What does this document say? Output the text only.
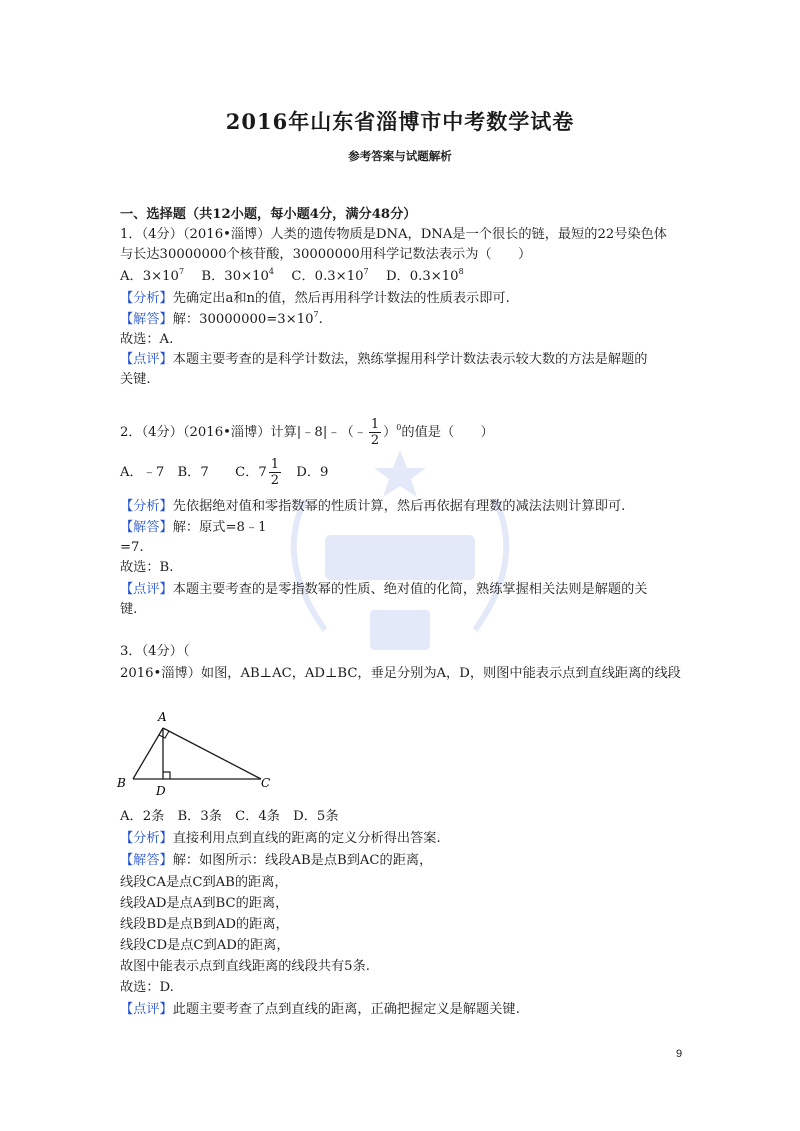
2016年山东省淄博市中考数学试卷
参考答案与试题解析
一、选择题（共12小题，每小题4分，满分48分）
1．（4分）（2016•淄博）人类的遗传物质是DNA，DNA是一个很长的链，最短的22号染色体
与长达30000000个核苷酸，30000000用科学记数法表示为（　　）
A．$3\times 10^7$ 　B．$30\times 10^4$ 　C．$0.3\times 10^7$ 　D．$0.3\times 10^8$
【分析】先确定出a和n的值，然后再用科学计数法的性质表示即可.
【解答】解：$30000000=3\times 10^7$.
故选：A.
【点评】本题主要考查的是科学计数法，熟练掌握用科学计数法表示较大数的方法是解题的
关键.
2．（4分）（2016•淄博）计算|﹣8|﹣（﹣ $\frac{1}{2} )^0$的值是（　　）
A．﹣7　B．7　　C．$7 \frac{1}{2}$ 　D．9
【分析】先依据绝对值和零指数幂的性质计算，然后再依据有理数的减法法则计算即可.
【解答】解：原式=8﹣1
=7.
故选：B.
【点评】本题主要考查的是零指数幂的性质、绝对值的化简，熟练掌握相关法则是解题的关
键.
3．（4分）（
2016•淄博）如图，AB⊥AC，AD⊥BC，垂足分别为A，D，则图中能表示点到直线距离的线段
A
B	C
D
A．2条　B．3条　C．4条　D．5条
【分析】直接利用点到直线的距离的定义分析得出答案.
【解答】解：如图所示：线段AB是点B到AC的距离，
线段CA是点C到AB的距离，
线段AD是点A到BC的距离，
线段BD是点B到AD的距离，
线段CD是点C到AD的距离，
故图中能表示点到直线距离的线段共有5条.
故选：D.
【点评】此题主要考查了点到直线的距离，正确把握定义是解题关键.
9
